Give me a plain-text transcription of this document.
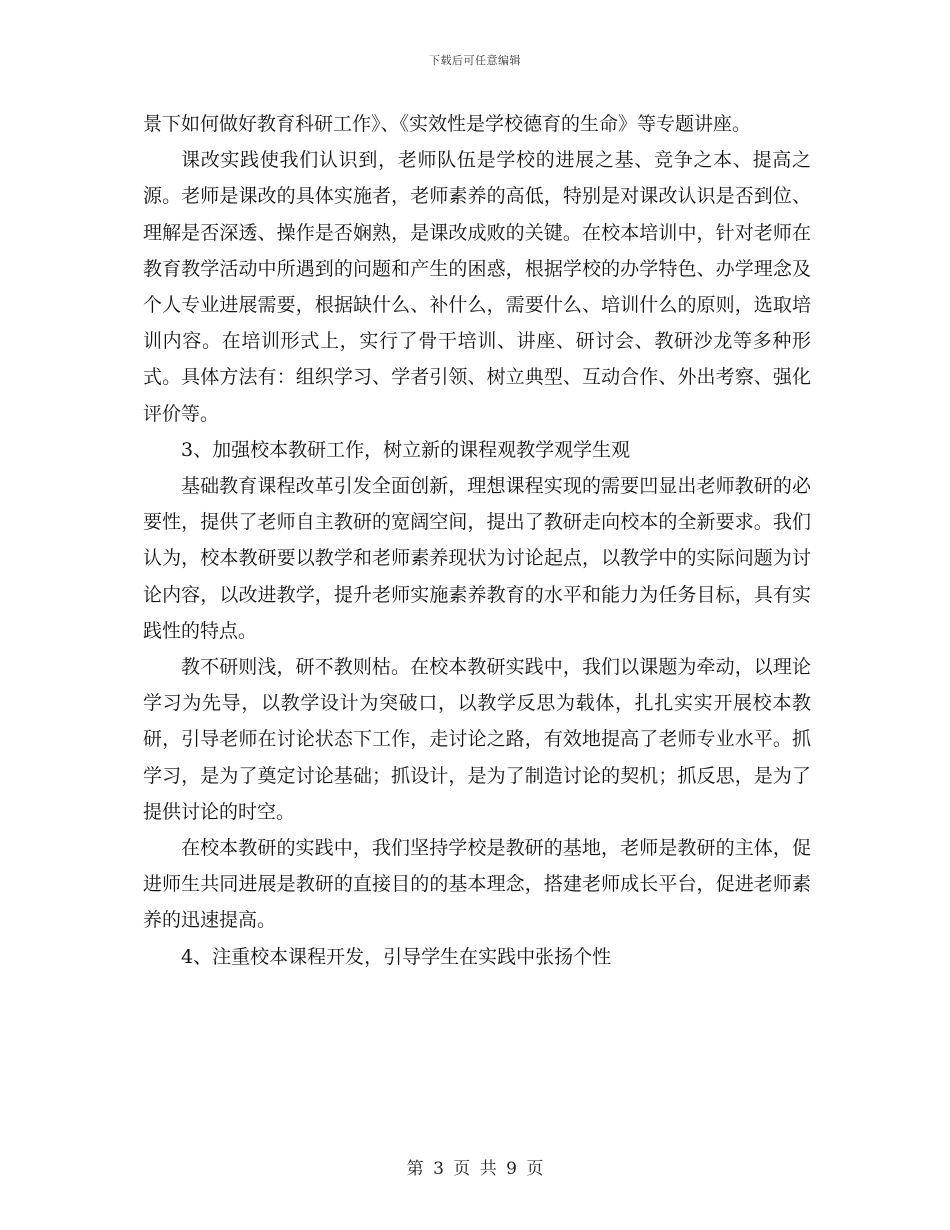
下载后可任意编辑

景下如何做好教育科研工作》、《实效性是学校德育的生命》等专题讲座。

课改实践使我们认识到，老师队伍是学校的进展之基、竞争之本、提高之源。老师是课改的具体实施者，老师素养的高低，特别是对课改认识是否到位、理解是否深透、操作是否娴熟，是课改成败的关键。在校本培训中，针对老师在教育教学活动中所遇到的问题和产生的困惑，根据学校的办学特色、办学理念及个人专业进展需要，根据缺什么、补什么，需要什么、培训什么的原则，选取培训内容。在培训形式上，实行了骨干培训、讲座、研讨会、教研沙龙等多种形式。具体方法有：组织学习、学者引领、树立典型、互动合作、外出考察、强化评价等。

3、加强校本教研工作，树立新的课程观教学观学生观

基础教育课程改革引发全面创新，理想课程实现的需要凹显出老师教研的必要性，提供了老师自主教研的宽阔空间，提出了教研走向校本的全新要求。我们认为，校本教研要以教学和老师素养现状为讨论起点，以教学中的实际问题为讨论内容，以改进教学，提升老师实施素养教育的水平和能力为任务目标，具有实践性的特点。

教不研则浅，研不教则枯。在校本教研实践中，我们以课题为牵动，以理论学习为先导，以教学设计为突破口，以教学反思为载体，扎扎实实开展校本教研，引导老师在讨论状态下工作，走讨论之路，有效地提高了老师专业水平。抓学习，是为了奠定讨论基础；抓设计，是为了制造讨论的契机；抓反思，是为了提供讨论的时空。

在校本教研的实践中，我们坚持学校是教研的基地，老师是教研的主体，促进师生共同进展是教研的直接目的的基本理念，搭建老师成长平台，促进老师素养的迅速提高。

4、注重校本课程开发，引导学生在实践中张扬个性

第 3 页 共 9 页
